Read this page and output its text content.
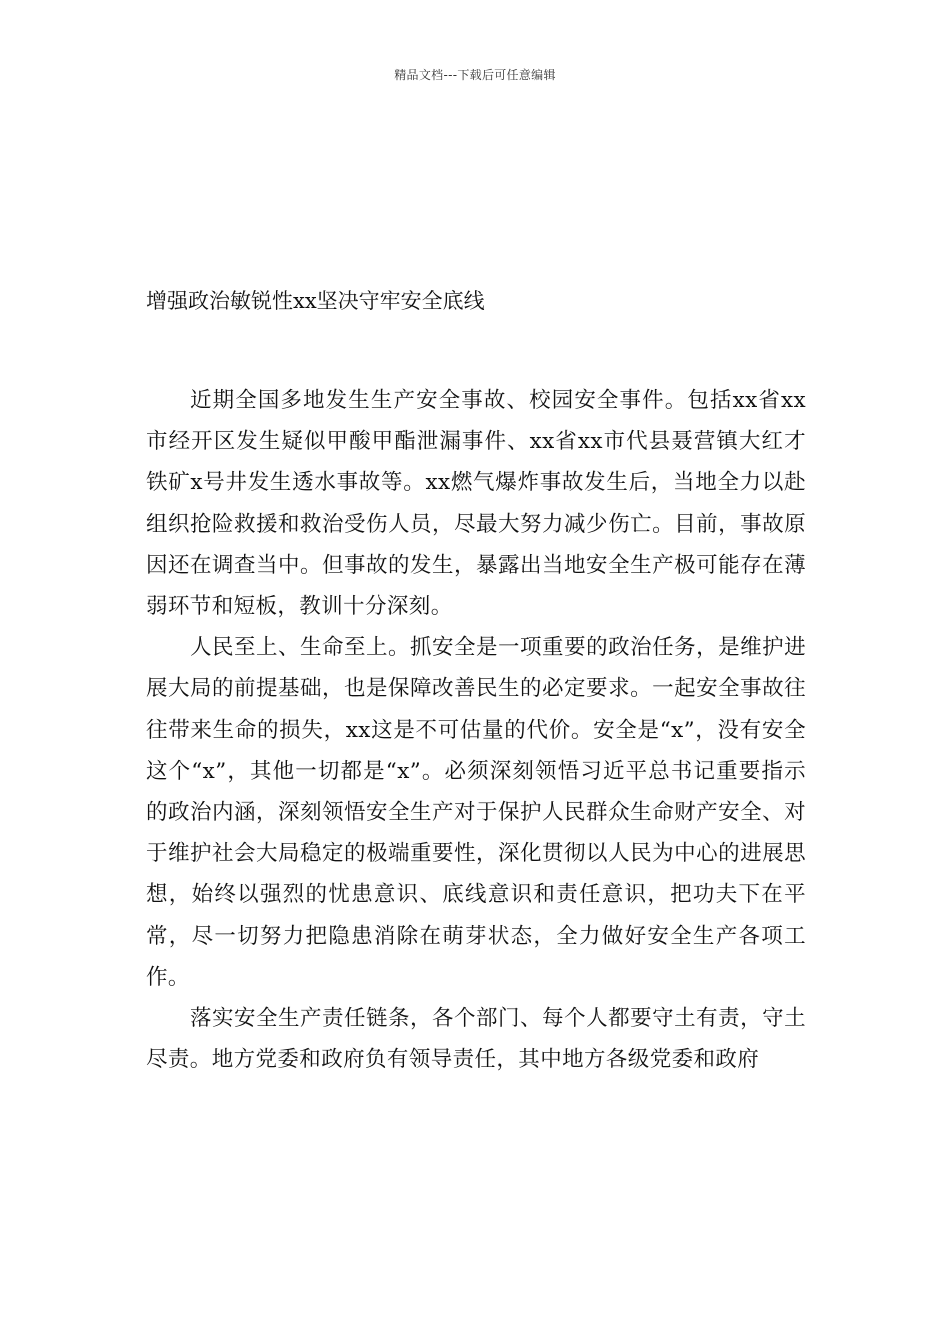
精品文档---下载后可任意编辑
增强政治敏锐性xx坚决守牢安全底线

近期全国多地发生生产安全事故、校园安全事件。包括xx省xx市经开区发生疑似甲酸甲酯泄漏事件、xx省xx市代县聂营镇大红才铁矿x号井发生透水事故等。xx燃气爆炸事故发生后，当地全力以赴组织抢险救援和救治受伤人员，尽最大努力减少伤亡。目前，事故原因还在调查当中。但事故的发生，暴露出当地安全生产极可能存在薄弱环节和短板，教训十分深刻。

人民至上、生命至上。抓安全是一项重要的政治任务，是维护进展大局的前提基础，也是保障改善民生的必定要求。一起安全事故往往带来生命的损失，xx这是不可估量的代价。安全是“x”，没有安全这个“x”，其他一切都是“x”。必须深刻领悟习近平总书记重要指示的政治内涵，深刻领悟安全生产对于保护人民群众生命财产安全、对于维护社会大局稳定的极端重要性，深化贯彻以人民为中心的进展思想，始终以强烈的忧患意识、底线意识和责任意识，把功夫下在平常，尽一切努力把隐患消除在萌芽状态，全力做好安全生产各项工作。

落实安全生产责任链条，各个部门、每个人都要守土有责，守土尽责。地方党委和政府负有领导责任，其中地方各级党委和政府
